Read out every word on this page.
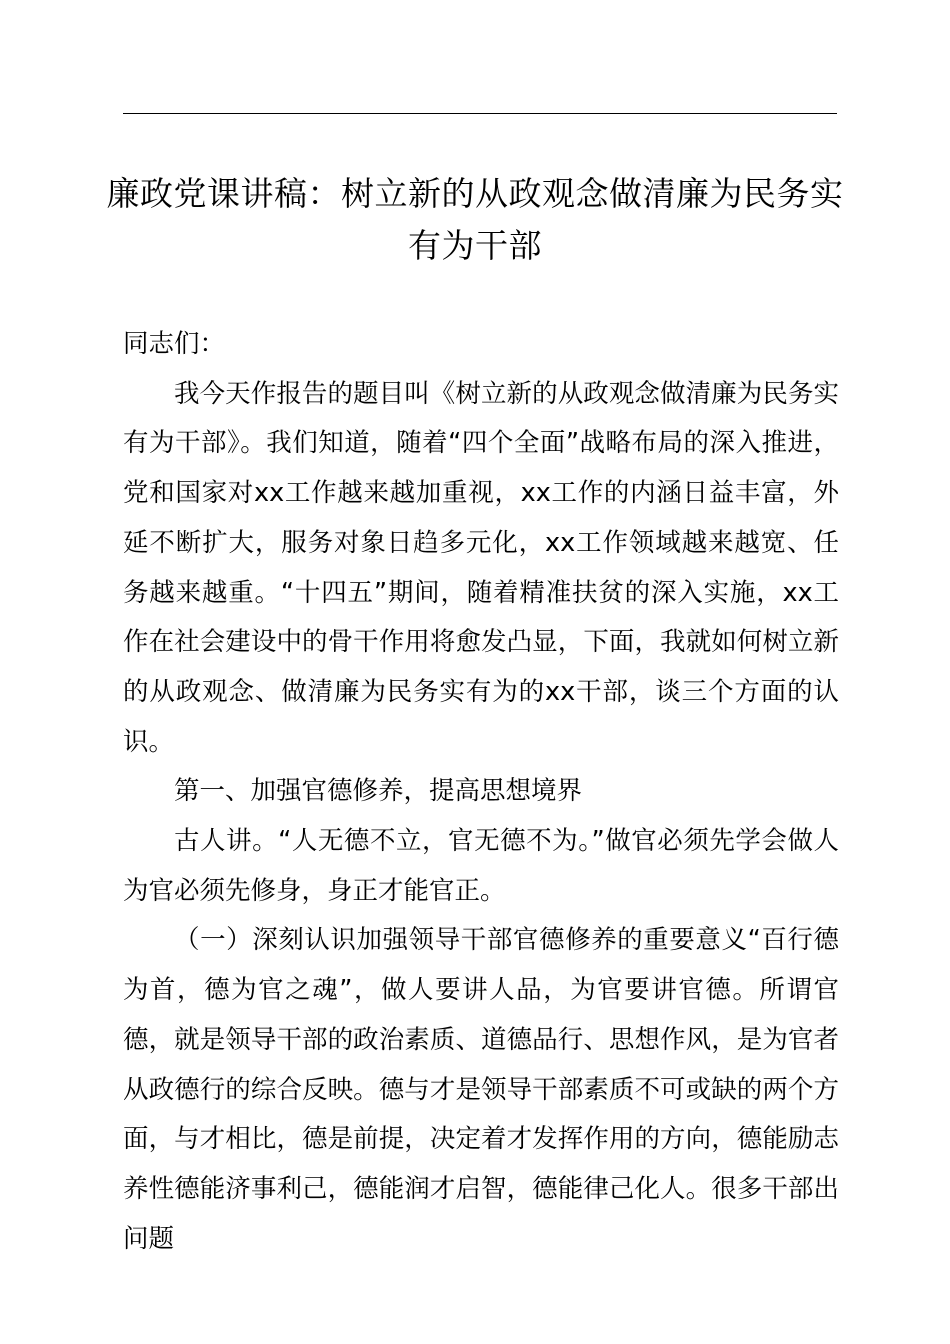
廉政党课讲稿：树立新的从政观念做清廉为民务实有为干部

同志们：

我今天作报告的题目叫《树立新的从政观念做清廉为民务实有为干部》。我们知道，随着“四个全面”战略布局的深入推进，党和国家对xx工作越来越加重视，xx工作的内涵日益丰富，外延不断扩大，服务对象日趋多元化，xx工作领域越来越宽、任务越来越重。“十四五”期间，随着精准扶贫的深入实施，xx工作在社会建设中的骨干作用将愈发凸显，下面，我就如何树立新的从政观念、做清廉为民务实有为的xx干部，谈三个方面的认识。

第一、加强官德修养，提高思想境界

古人讲。“人无德不立，官无德不为。”做官必须先学会做人为官必须先修身，身正才能官正。

（一）深刻认识加强领导干部官德修养的重要意义“百行德为首，德为官之魂”，做人要讲人品，为官要讲官德。所谓官德，就是领导干部的政治素质、道德品行、思想作风，是为官者从政德行的综合反映。德与才是领导干部素质不可或缺的两个方面，与才相比，德是前提，决定着才发挥作用的方向，德能励志养性德能济事利己，德能润才启智，德能律己化人。很多干部出问题
